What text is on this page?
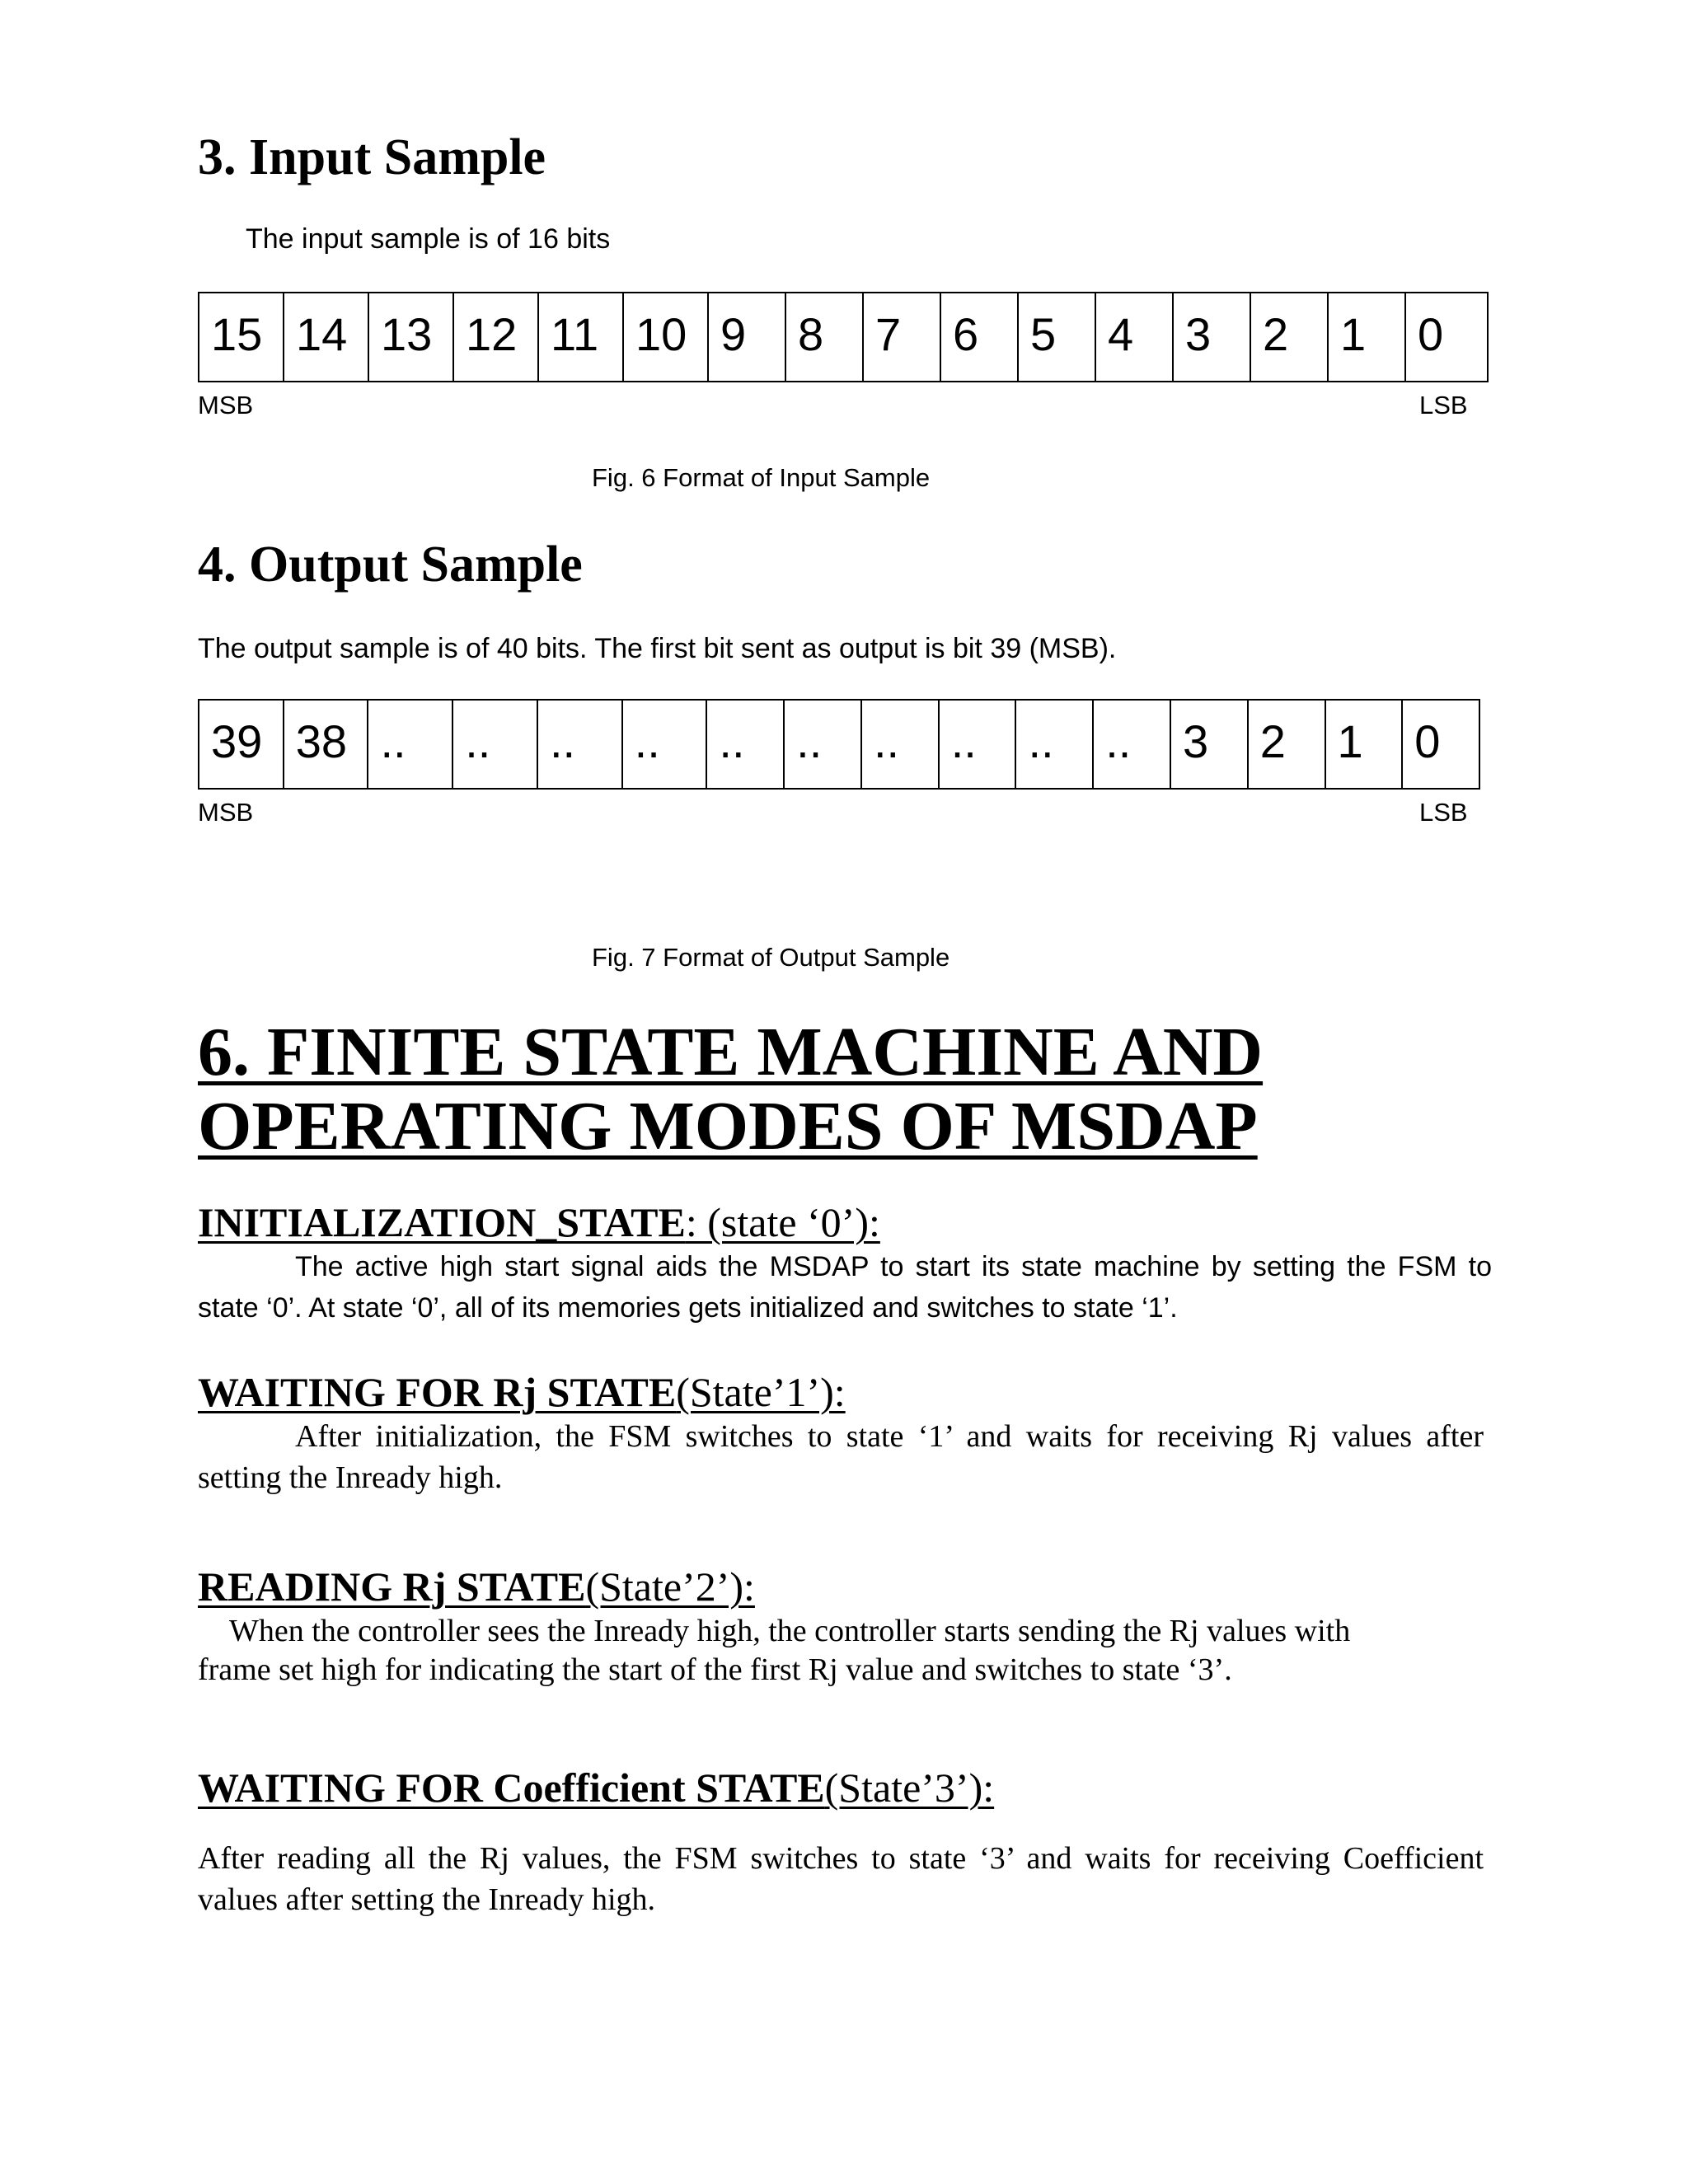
3. Input Sample
The input sample is of 16 bits
15 14 13 12 11 10 9	8	7	6	5	4	3	2	1	0
MSB	LSB
Fig. 6 Format of Input Sample
4. Output Sample
The output sample is of 40 bits. The first bit sent as output is bit 39 (MSB).
39 38 ..	..	..	..	..	..	..	..	..	..	3	2	1	0
MSB	LSB
Fig. 7 Format of Output Sample
6. FINITE STATE MACHINE AND
OPERATING MODES OF MSDAP
INITIALIZATION_STATE: (state ‘0’):
The active high start signal aids the MSDAP to start its state machine by setting the FSM to state ‘0’. At state ‘0’, all of its memories gets initialized and switches to state ‘1’.
WAITING FOR Rj STATE(State’1’):
After initialization, the FSM switches to state ‘1’ and waits for receiving Rj values after setting the Inready high.
READING Rj STATE(State’2’):
When the controller sees the Inready high, the controller starts sending the Rj values with
frame set high for indicating the start of the first Rj value and switches to state ‘3’.
WAITING FOR Coefficient STATE(State’3’):
After reading all the Rj values, the FSM switches to state ‘3’ and waits for receiving Coefficient values after setting the Inready high.
